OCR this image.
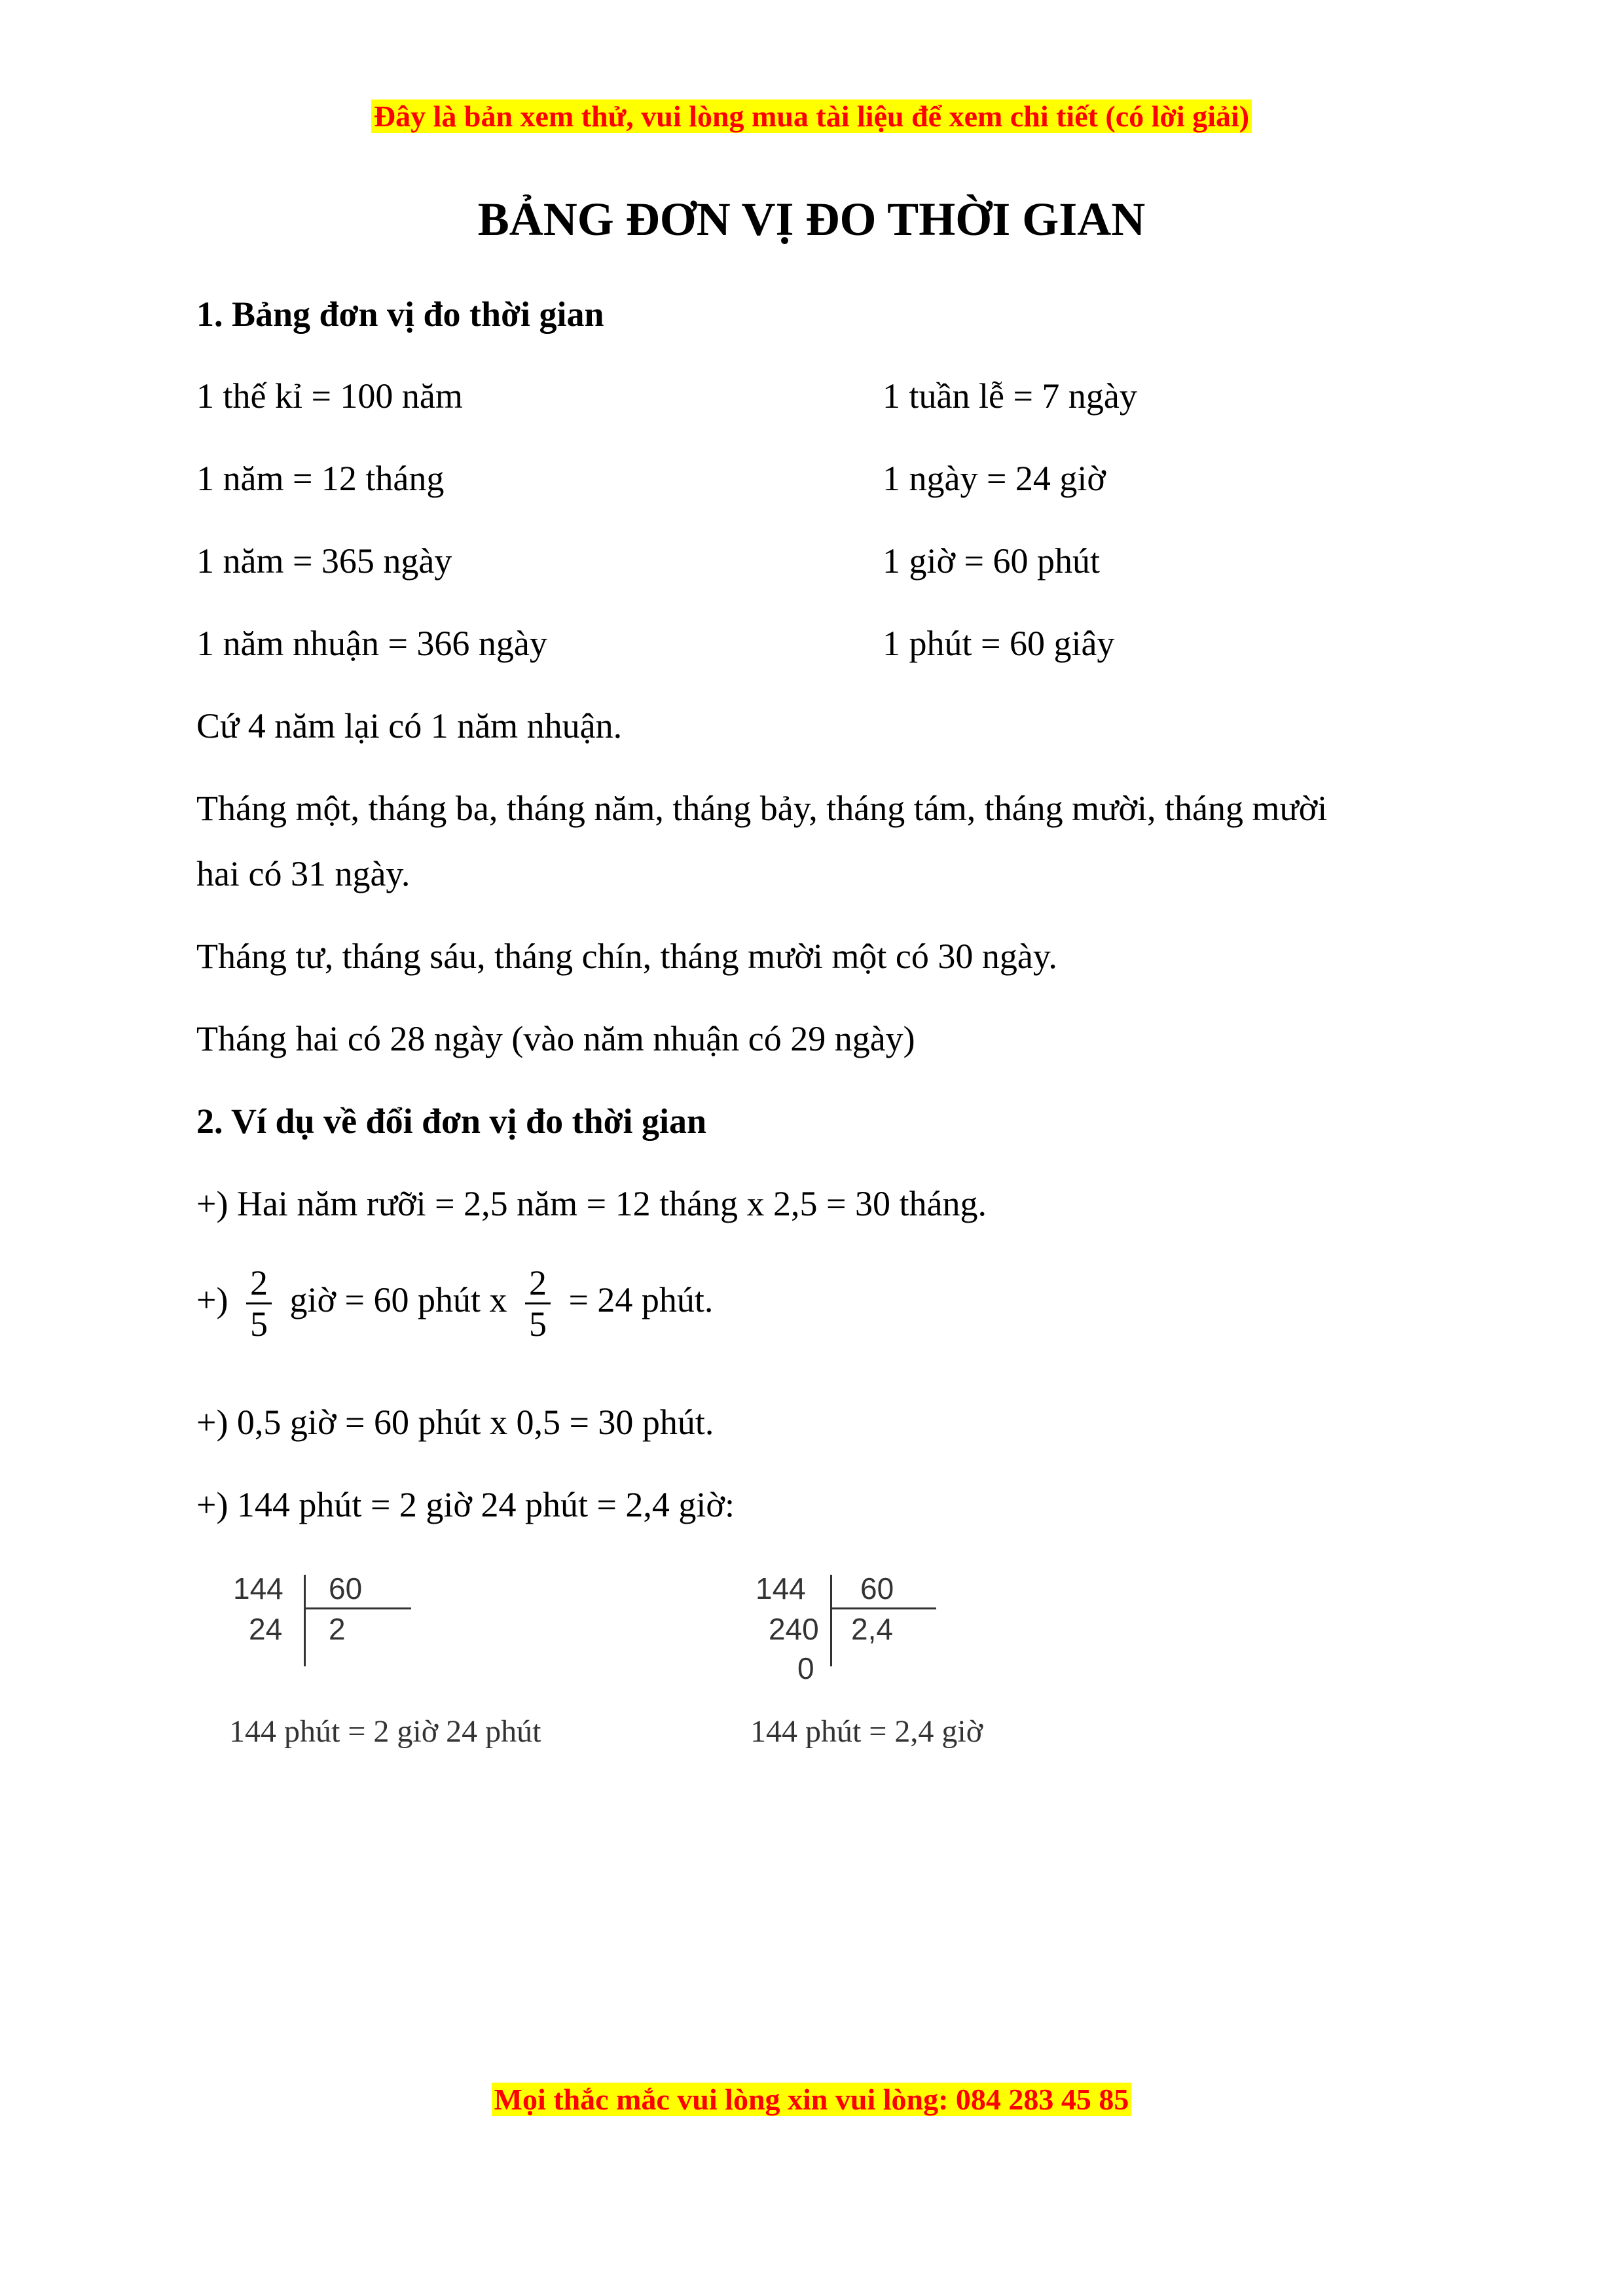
Đây là bản xem thử, vui lòng mua tài liệu để xem chi tiết (có lời giải)
BẢNG ĐƠN VỊ ĐO THỜI GIAN
1. Bảng đơn vị đo thời gian
1 thế kỉ = 100 năm	1 tuần lễ = 7 ngày
1 năm = 12 tháng	1 ngày = 24 giờ
1 năm = 365 ngày	1 giờ = 60 phút
1 năm nhuận = 366 ngày	1 phút = 60 giây
Cứ 4 năm lại có 1 năm nhuận.
Tháng một, tháng ba, tháng năm, tháng bảy, tháng tám, tháng mười, tháng mười
hai có 31 ngày.
Tháng tư, tháng sáu, tháng chín, tháng mười một có 30 ngày.
Tháng hai có 28 ngày (vào năm nhuận có 29 ngày)
2. Ví dụ về đổi đơn vị đo thời gian
+) Hai năm rưỡi = 2,5 năm = 12 tháng x 2,5 = 30 tháng.
+) $\frac{2}{5}$ giờ = 60 phút x $\frac{2}{5} = 24$ phút.
+) 0,5 giờ = 60 phút x 0,5 = 30 phút.
+) 144 phút = 2 giờ 24 phút = 2,4 giờ:
144 60
24 2
144 phút = 2 giờ 24 phút
144 60
240 2,4
0
144 phút = 2,4 giờ
Mọi thắc mắc vui lòng xin vui lòng: 084 283 45 85
